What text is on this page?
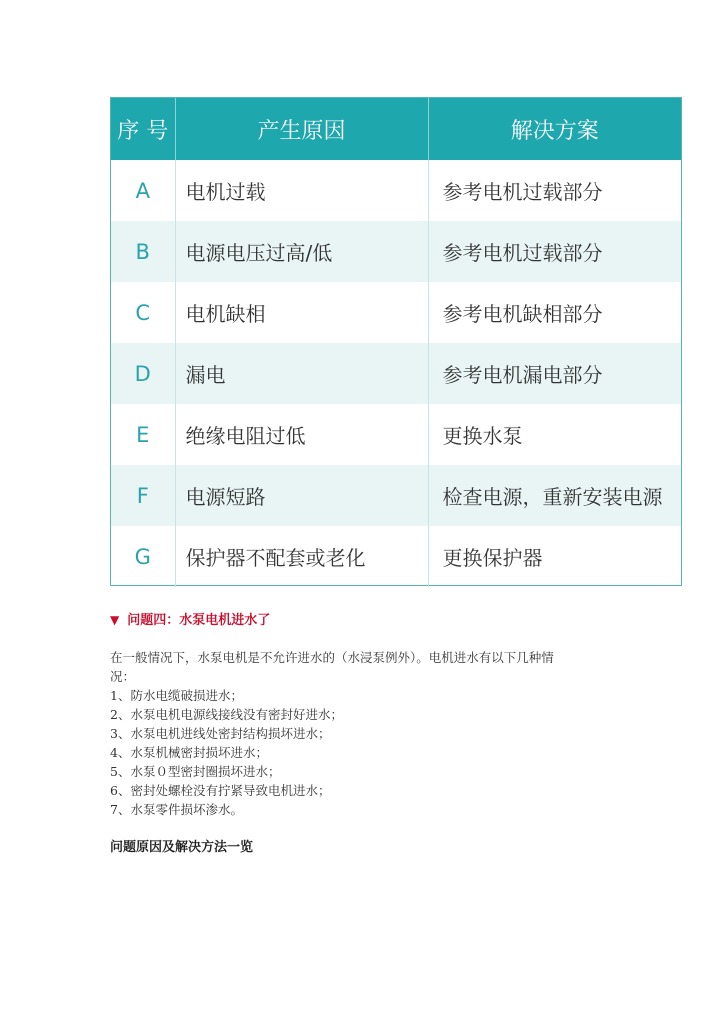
序 号	产生原因	解决方案
A	电机过载	参考电机过载部分
B	电源电压过高/低	参考电机过载部分
C	电机缺相	参考电机缺相部分
D	漏电	参考电机漏电部分
E	绝缘电阻过低	更换水泵
F	电源短路	检查电源，重新安装电源
G	保护器不配套或老化	更换保护器
▼ 问题四：水泵电机进水了

在一般情况下，水泵电机是不允许进水的（水浸泵例外）。电机进水有以下几种情

况：

1、防水电缆破损进水；

2、水泵电机电源线接线没有密封好进水；

3、水泵电机进线处密封结构损坏进水；

4、水泵机械密封损坏进水；

5、水泵０型密封圈损坏进水；

6、密封处螺栓没有拧紧导致电机进水；

7、水泵零件损坏渗水。

问题原因及解决方法一览
